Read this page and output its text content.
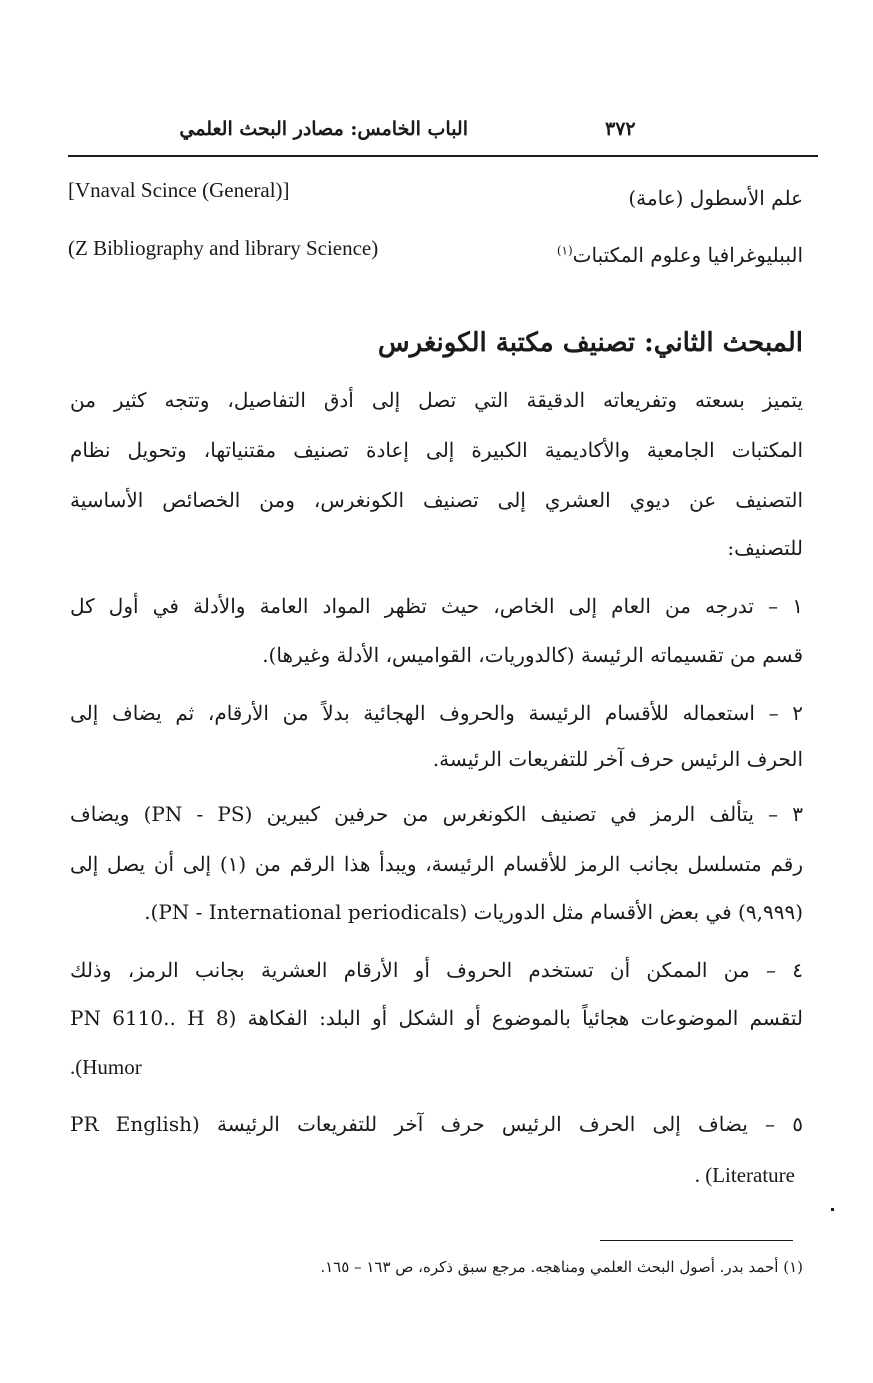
الباب الخامس: مصادر البحث العلمي	٣٧٢
[Vnaval Scince (General)]	علم الأسطول (عامة)
(Z Bibliography and library Science)	الببليوغرافيا وعلوم المكتبات$^{(١)}$
المبحث الثاني: تصنيف مكتبة الكونغرس
يتميز بسعته وتفريعاته الدقيقة التي تصل إلى أدق التفاصيل، وتتجه كثير من
المكتبات الجامعية والأكاديمية الكبيرة إلى إعادة تصنيف مقتنياتها، وتحويل نظام
التصنيف عن ديوي العشري إلى تصنيف الكونغرس، ومن الخصائص الأساسية
للتصنيف:
١ – تدرجه من العام إلى الخاص، حيث تظهر المواد العامة والأدلة في أول كل
قسم من تقسيماته الرئيسة (كالدوريات، القواميس، الأدلة وغيرها).
٢ – استعماله للأقسام الرئيسة والحروف الهجائية بدلاً من الأرقام، ثم يضاف إلى
الحرف الرئيس حرف آخر للتفريعات الرئيسة.
٣ – يتألف الرمز في تصنيف الكونغرس من حرفين كبيرين (PN - PS) ويضاف
رقم متسلسل بجانب الرمز للأقسام الرئيسة، ويبدأ هذا الرقم من (١) إلى أن يصل إلى
(٩,٩٩٩) في بعض الأقسام مثل الدوريات (PN - International periodicals).
٤ – من الممكن أن تستخدم الحروف أو الأرقام العشرية بجانب الرمز، وذلك
لتقسم الموضوعات هجائياً بالموضوع أو الشكل أو البلد: الفكاهة (PN 6110.. H 8
.(Humor
٥ – يضاف إلى الحرف الرئيس حرف آخر للتفريعات الرئيسة (PR English
. (Literature
(١) أحمد بدر. أصول البحث العلمي ومناهجه. مرجع سبق ذكره، ص ١٦٣ – ١٦٥.
